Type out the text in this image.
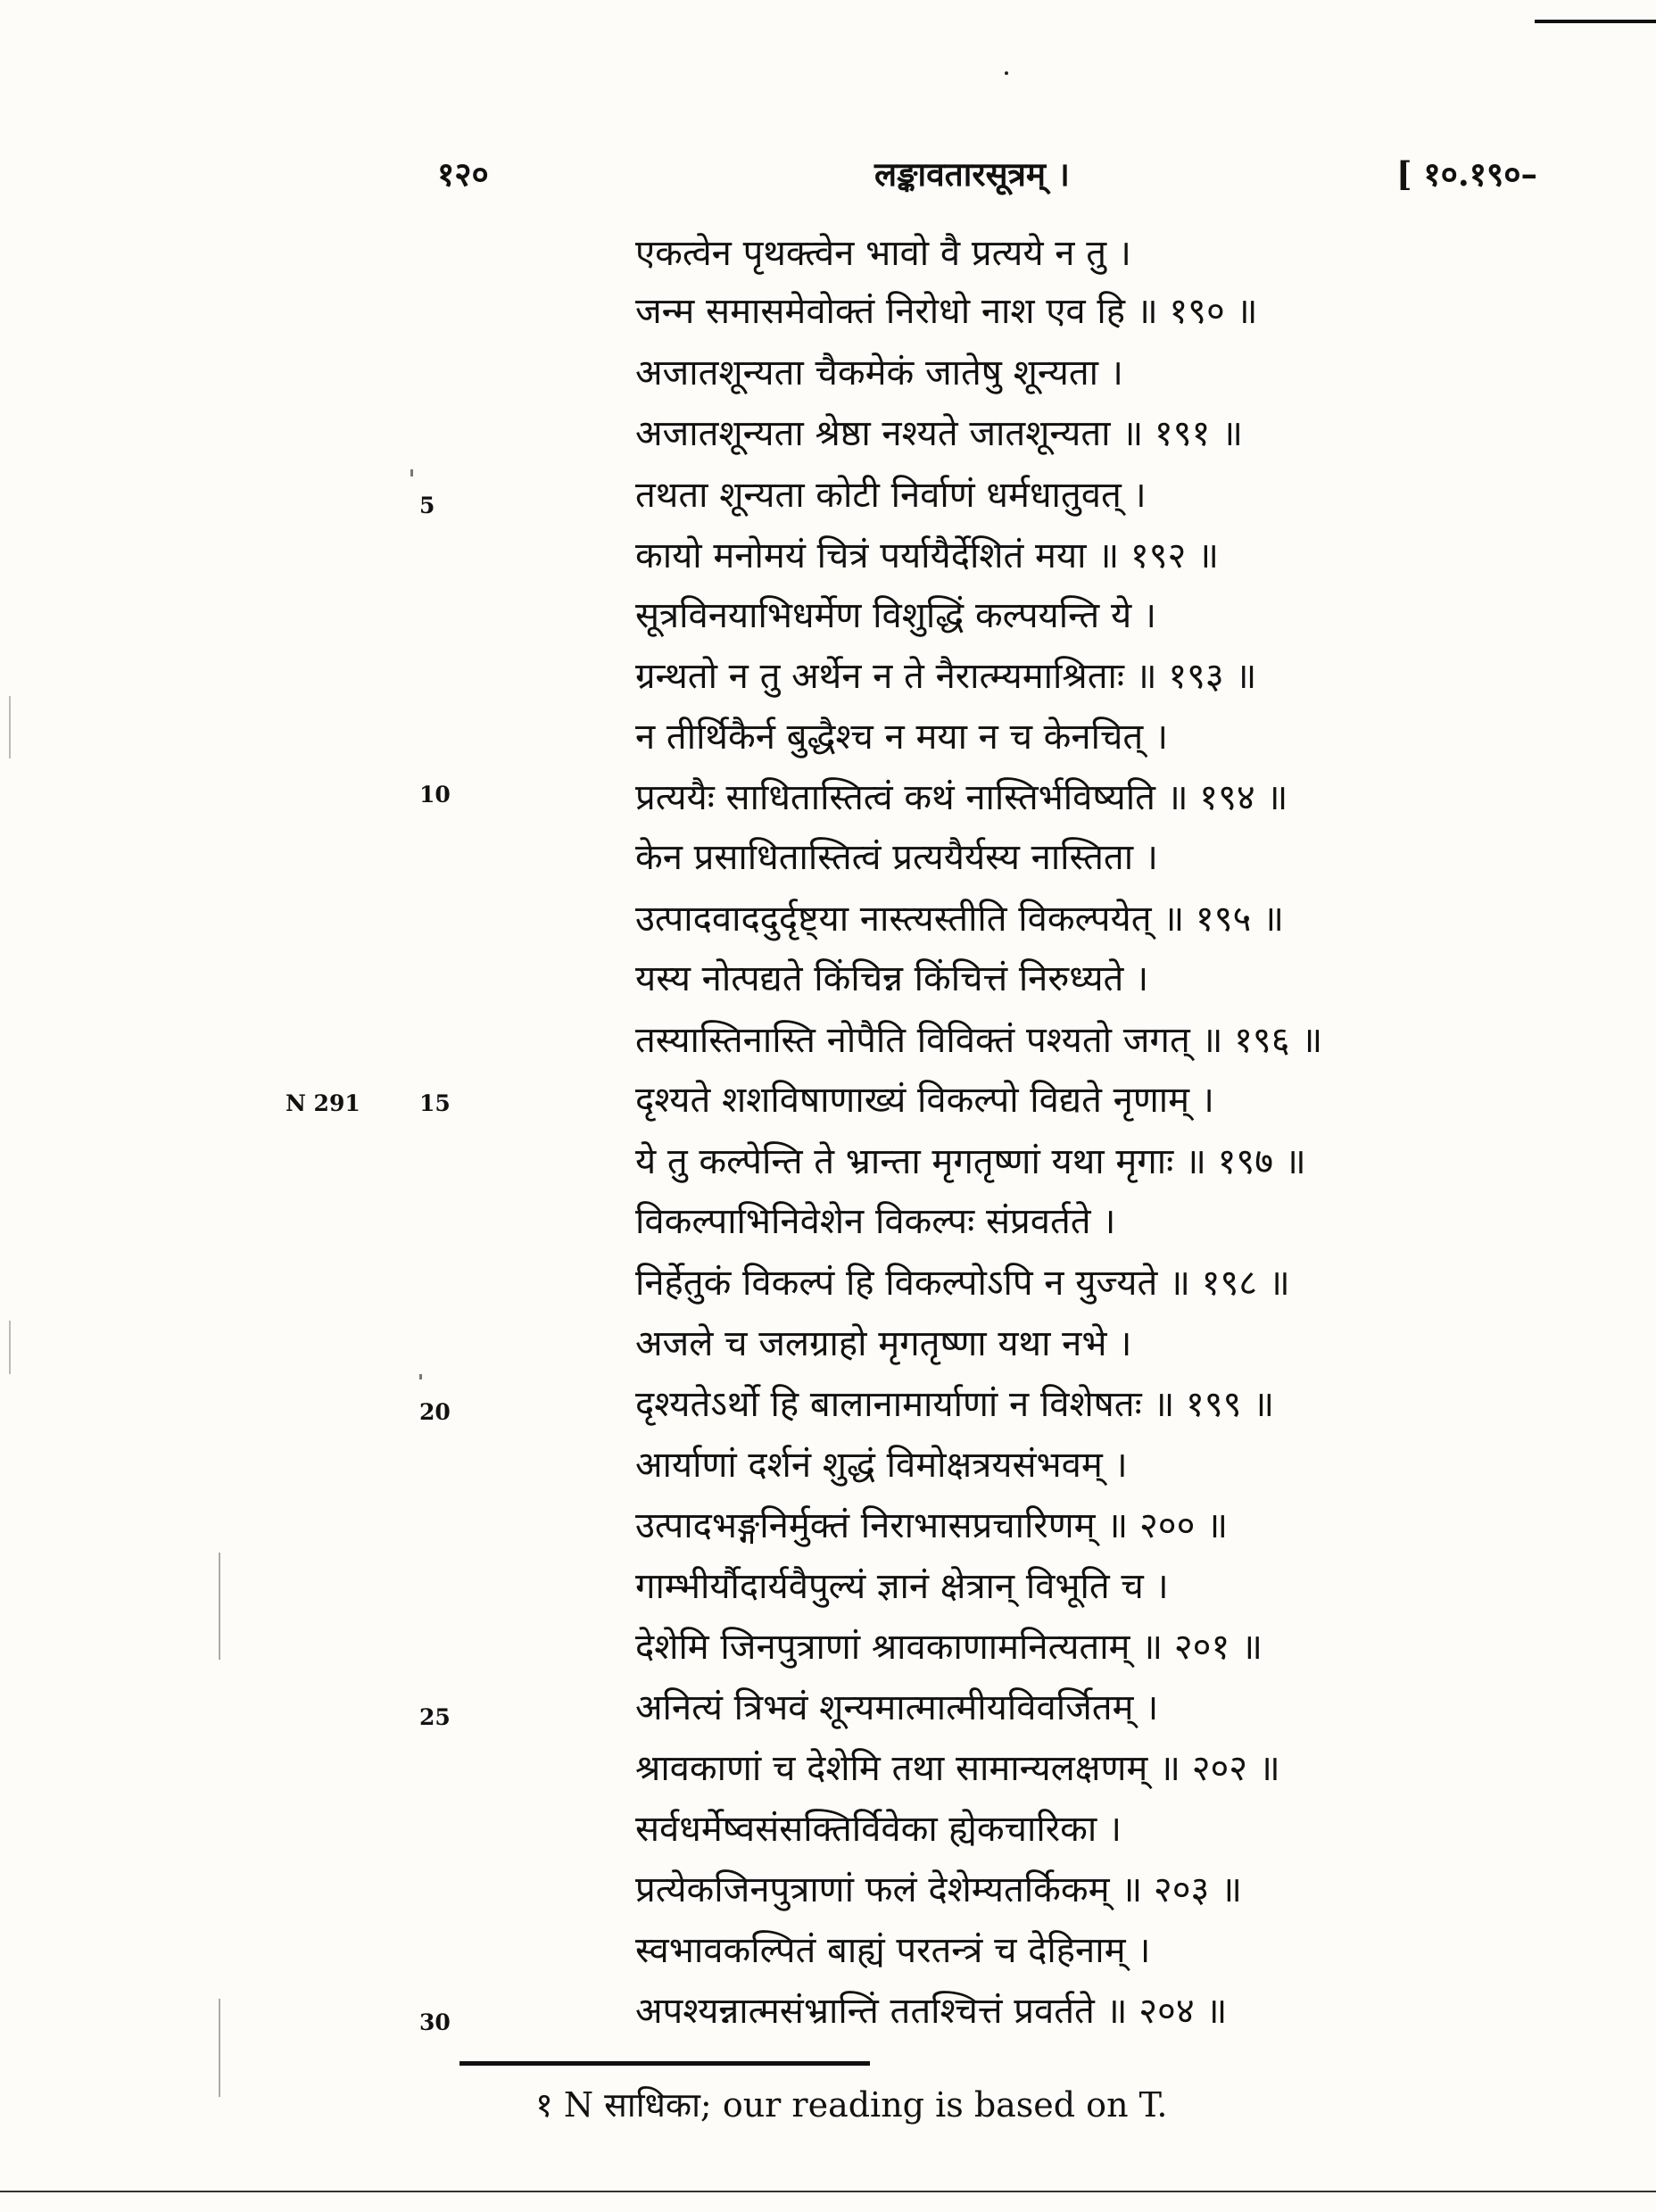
१२०	लङ्कावतारसूत्रम् ।	[ १०.१९०–
एकत्वेन पृथक्त्वेन भावो वै प्रत्यये न तु ।
जन्म समासमेवोक्तं निरोधो नाश एव हि ॥ १९० ॥
अजातशून्यता चैकमेकं जातेषु शून्यता ।
अजातशून्यता श्रेष्ठा नश्यते जातशून्यता ॥ १९१ ॥
तथता शून्यता कोटी निर्वाणं धर्मधातुवत् ।
कायो मनोमयं चित्रं पर्यायैर्देशितं मया ॥ १९२ ॥
सूत्रविनयाभिधर्मेण विशुद्धिं कल्पयन्ति ये ।
ग्रन्थतो न तु अर्थेन न ते नैरात्म्यमाश्रिताः ॥ १९३ ॥
न तीर्थिकैर्न बुद्धैश्च न मया न च केनचित् ।
प्रत्ययैः साधितास्तित्वं कथं नास्तिर्भविष्यति ॥ १९४ ॥
केन प्रसाधितास्तित्वं प्रत्ययैर्यस्य नास्तिता ।
उत्पादवाददुर्दृष्ट्या नास्त्यस्तीति विकल्पयेत् ॥ १९५ ॥
यस्य नोत्पद्यते किंचिन्न किंचित्तं निरुध्यते ।
तस्यास्तिनास्ति नोपैति विविक्तं पश्यतो जगत् ॥ १९६ ॥
दृश्यते शशविषाणाख्यं विकल्पो विद्यते नृणाम् ।
ये तु कल्पेन्ति ते भ्रान्ता मृगतृष्णां यथा मृगाः ॥ १९७ ॥
विकल्पाभिनिवेशेन विकल्पः संप्रवर्तते ।
निर्हेतुकं विकल्पं हि विकल्पोऽपि न युज्यते ॥ १९८ ॥
अजले च जलग्राहो मृगतृष्णा यथा नभे ।
दृश्यतेऽर्थो हि बालानामार्याणां न विशेषतः ॥ १९९ ॥
आर्याणां दर्शनं शुद्धं विमोक्षत्रयसंभवम् ।
उत्पादभङ्गनिर्मुक्तं निराभासप्रचारिणम् ॥ २०० ॥
गाम्भीर्यौदार्यवैपुल्यं ज्ञानं क्षेत्रान् विभूति च ।
देशेमि जिनपुत्राणां श्रावकाणामनित्यताम् ॥ २०१ ॥
अनित्यं त्रिभवं शून्यमात्मात्मीयविवर्जितम् ।
श्रावकाणां च देशेमि तथा सामान्यलक्षणम् ॥ २०२ ॥
सर्वधर्मेष्वसंसक्तिर्विवेका ह्येकचारिका ।
प्रत्येकजिनपुत्राणां फलं देशेम्यतर्किकम् ॥ २०३ ॥
स्वभावकल्पितं बाह्यं परतन्त्रं च देहिनाम् ।
अपश्यन्नात्मसंभ्रान्तिं ततश्चित्तं प्रवर्तते ॥ २०४ ॥
5
10
15
20
25
30
N 291
१ N साधिका; our reading is based on T.
